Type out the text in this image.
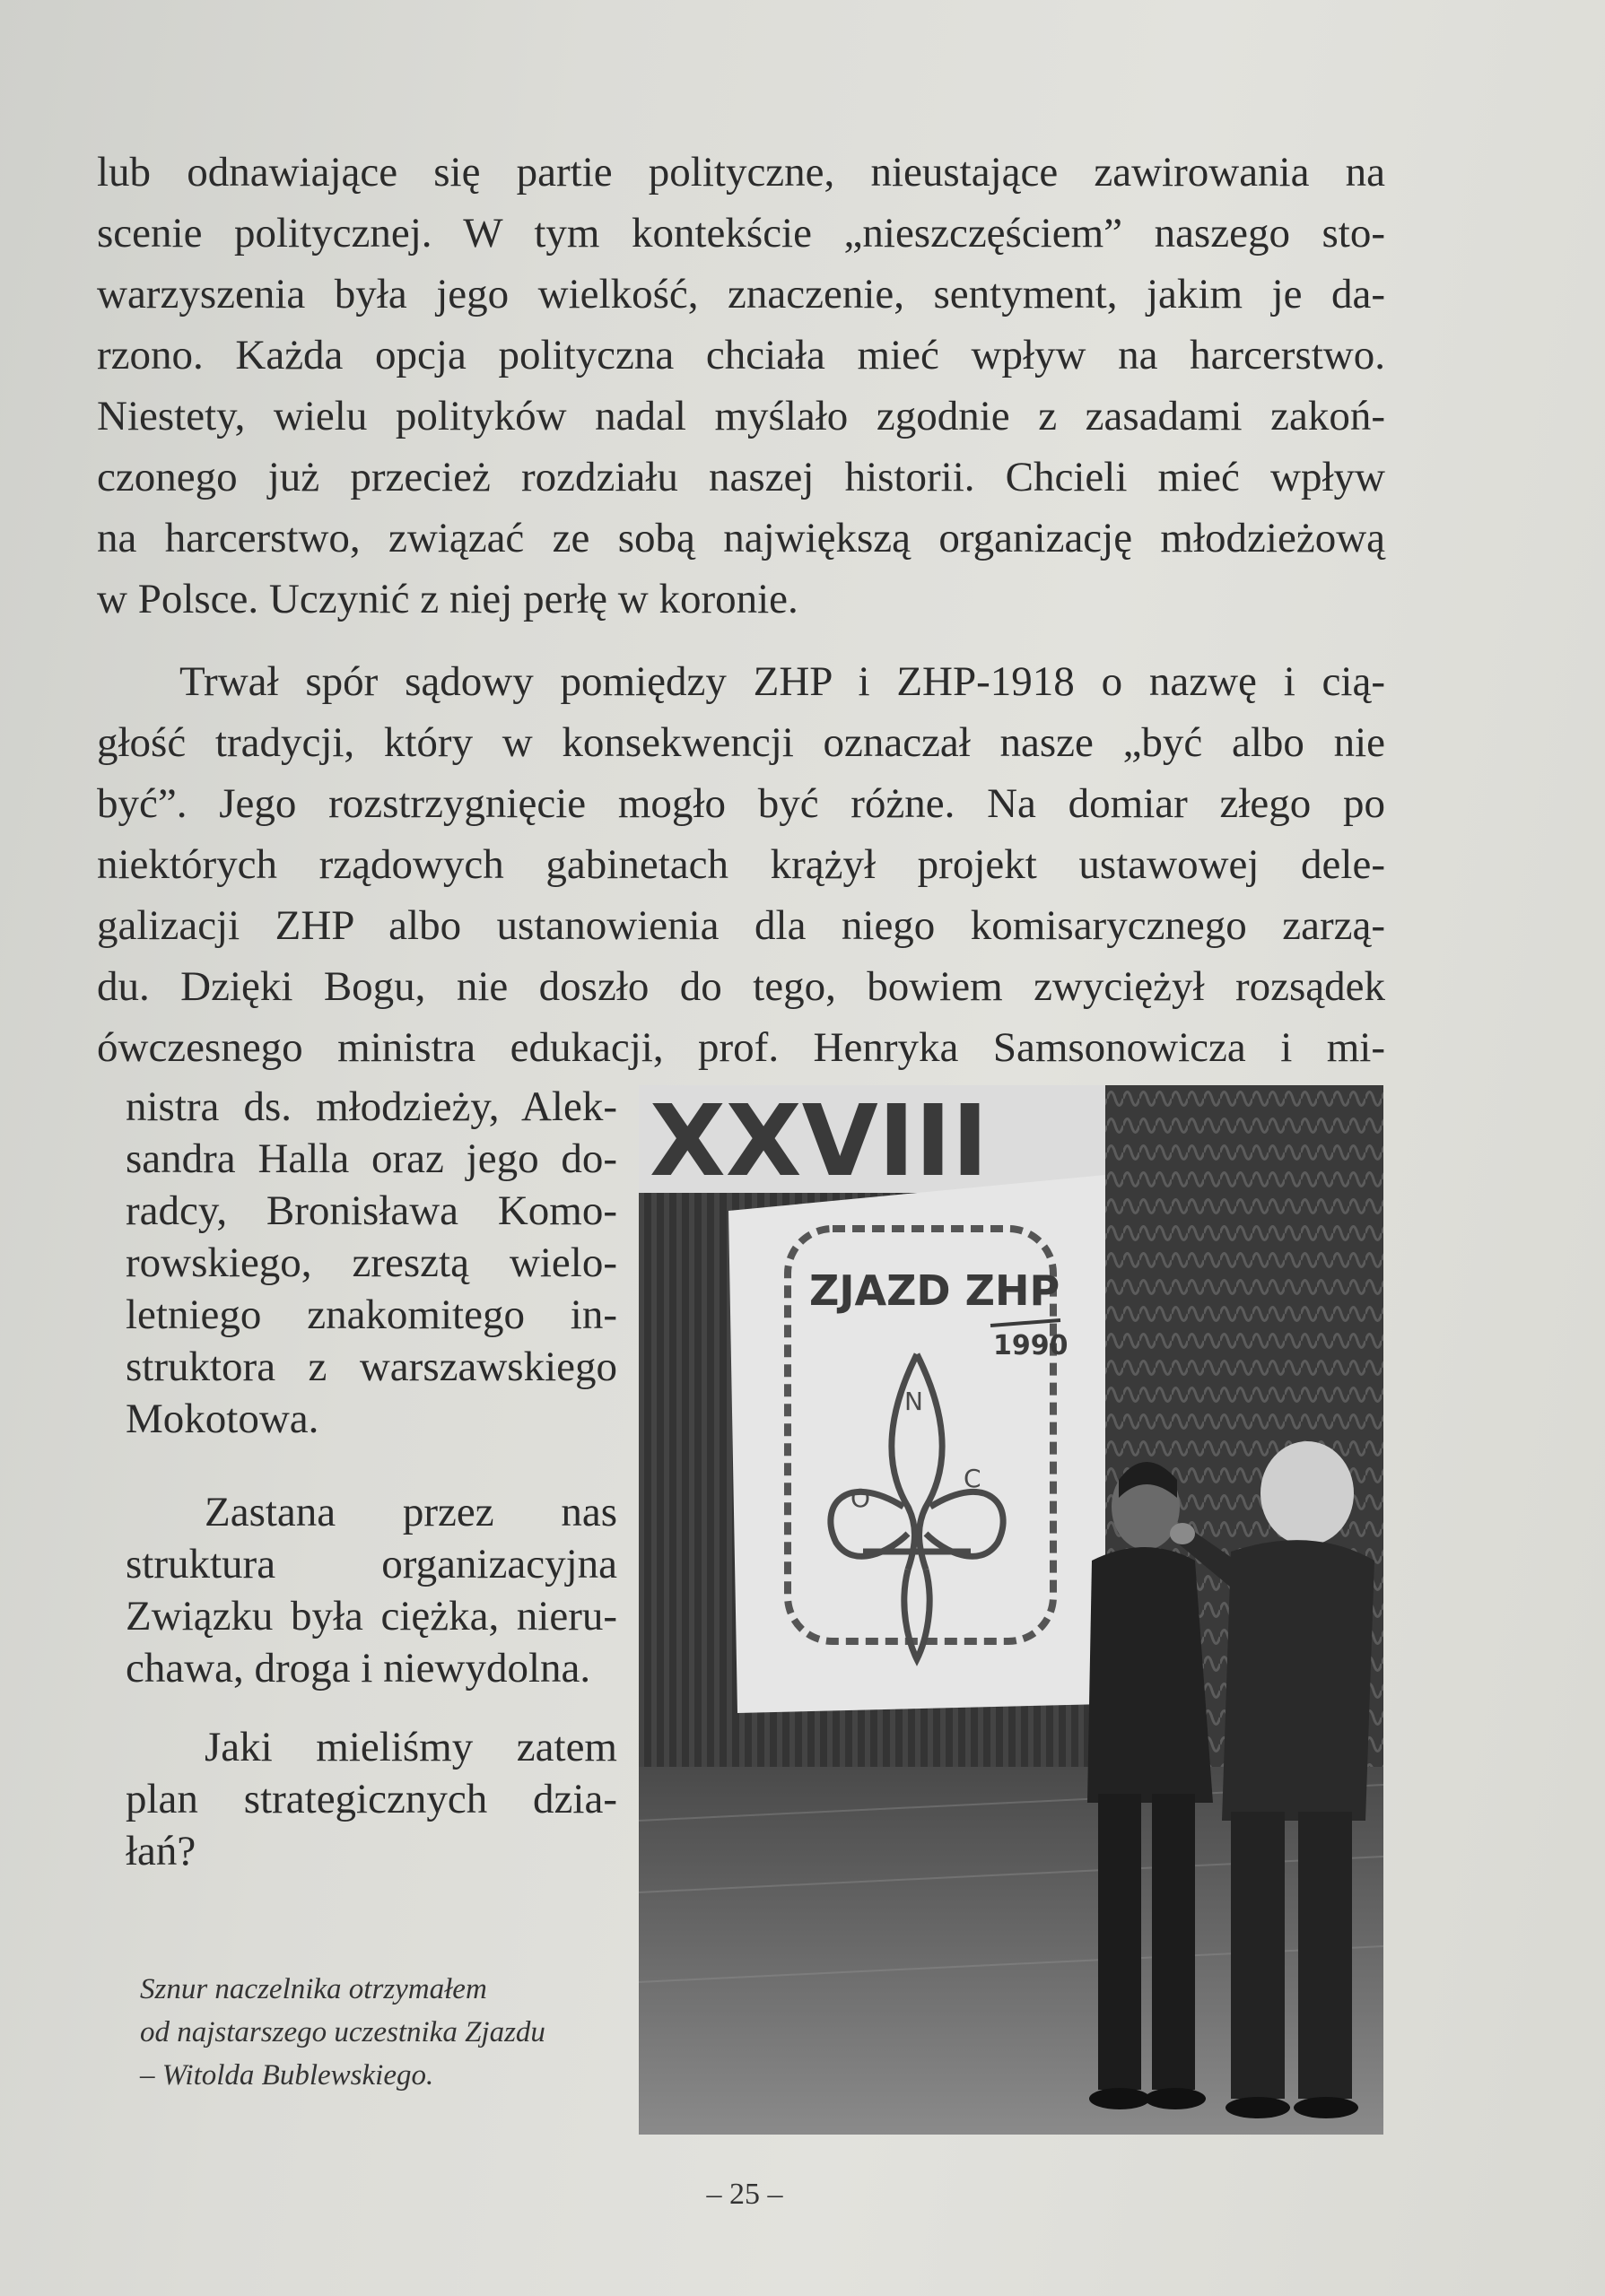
lub odnawiające się partie polityczne, nieustające zawirowania na
scenie politycznej. W tym kontekście „nieszczęściem” naszego sto-
warzyszenia była jego wielkość, znaczenie, sentyment, jakim je da-
rzono. Każda opcja polityczna chciała mieć wpływ na harcerstwo.
Niestety, wielu polityków nadal myślało zgodnie z zasadami zakoń-
czonego już przecież rozdziału naszej historii. Chcieli mieć wpływ
na harcerstwo, związać ze sobą największą organizację młodzieżową
w Polsce. Uczynić z niej perłę w koronie.
Trwał spór sądowy pomiędzy ZHP i ZHP-1918 o nazwę i cią-
głość tradycji, który w konsekwencji oznaczał nasze „być albo nie
być”. Jego rozstrzygnięcie mogło być różne. Na domiar złego po
niektórych rządowych gabinetach krążył projekt ustawowej dele-
galizacji ZHP albo ustanowienia dla niego komisarycznego zarzą-
du. Dzięki Bogu, nie doszło do tego, bowiem zwyciężył rozsądek
ówczesnego ministra edukacji, prof. Henryka Samsonowicza i mi-
nistra ds. młodzieży, Alek-
sandra Halla oraz jego do-
radcy, Bronisława Komo-
rowskiego, zresztą wielo-
letniego znakomitego in-
struktora z warszawskiego
Mokotowa.
Zastana przez nas
struktura organizacyjna
Związku była ciężka, nieru-
chawa, droga i niewydolna.
Jaki mieliśmy zatem
plan strategicznych dzia-
łań?
Sznur naczelnika otrzymałem
od najstarszego uczestnika Zjazdu
– Witolda Bublewskiego.
XXVIII
ZJAZD ZHP
1990
N
O
C
– 25 –
